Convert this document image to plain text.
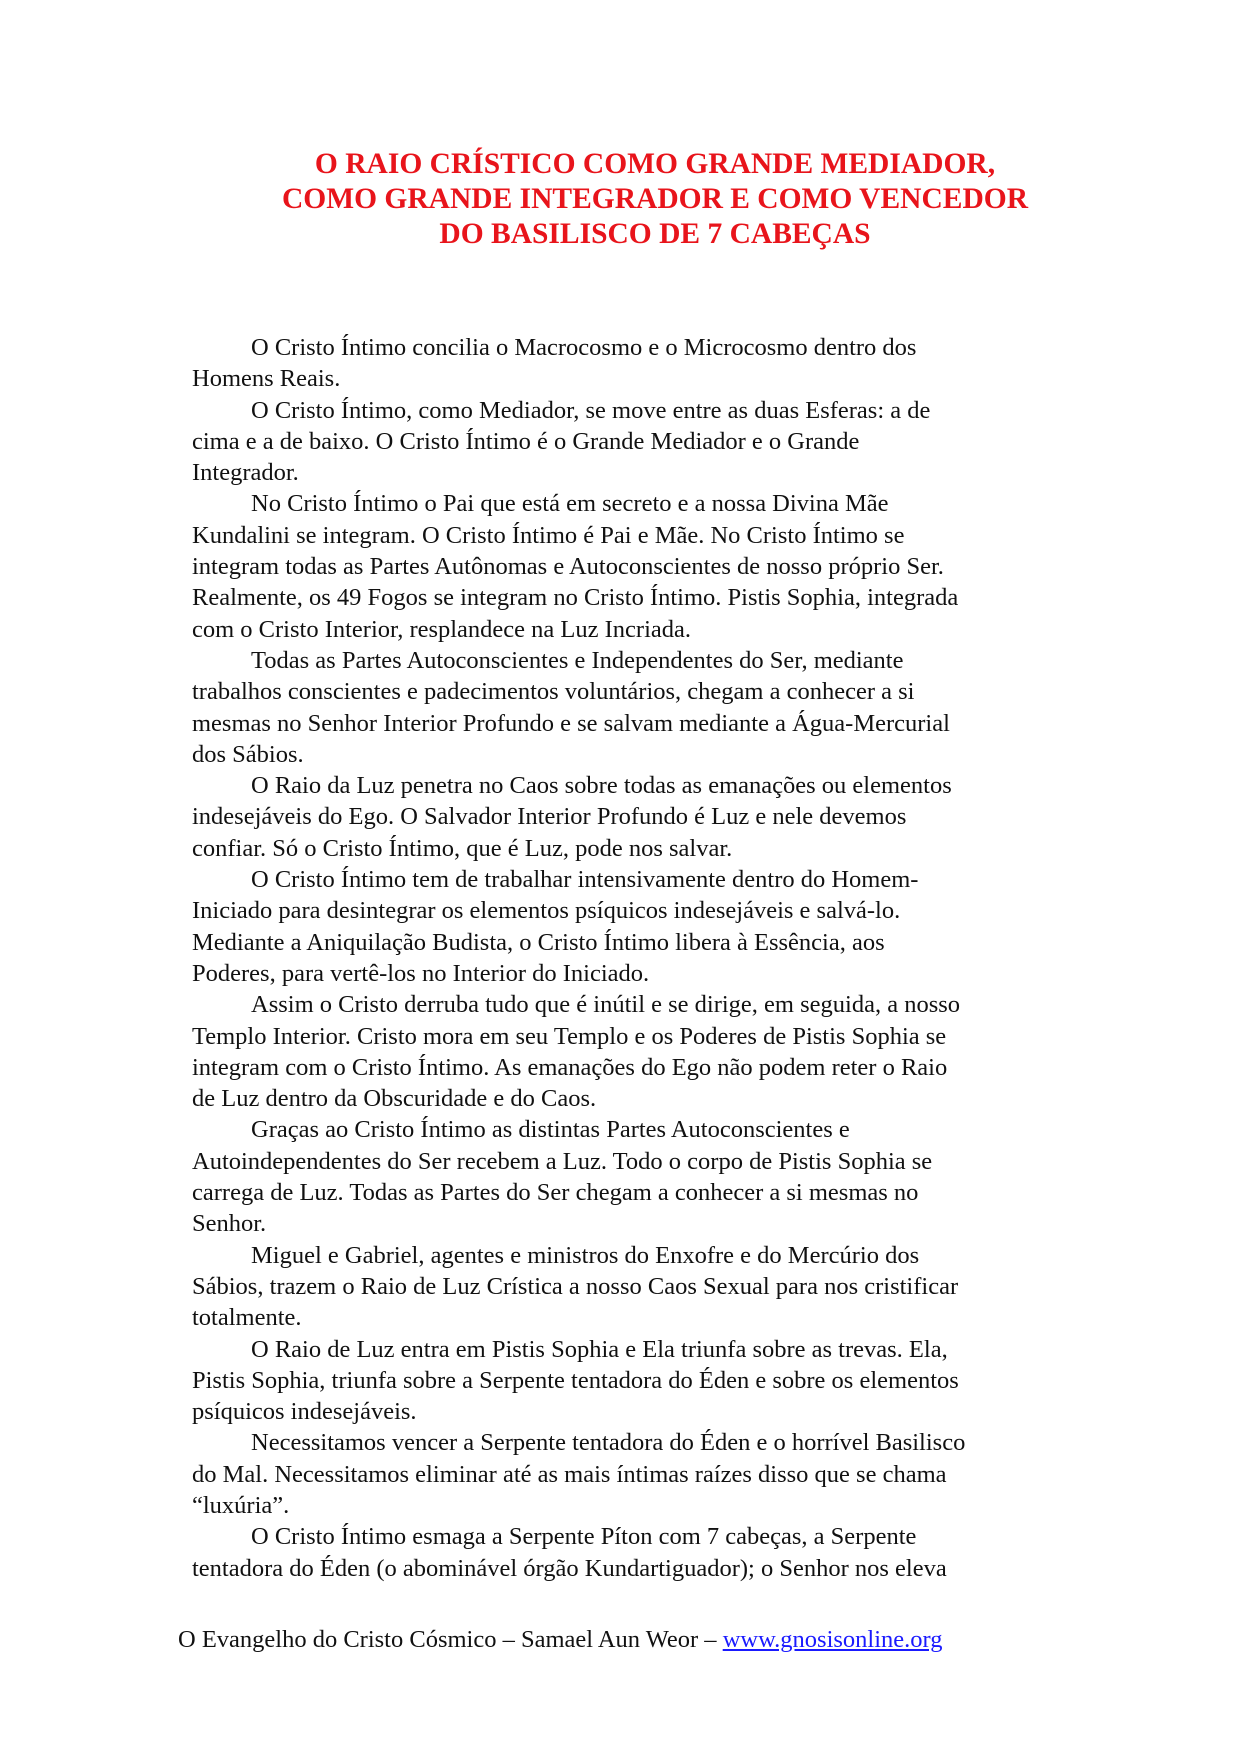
O RAIO CRÍSTICO COMO GRANDE MEDIADOR,
COMO GRANDE INTEGRADOR E COMO VENCEDOR
DO BASILISCO DE 7 CABEÇAS

O Cristo Íntimo concilia o Macrocosmo e o Microcosmo dentro dos
Homens Reais.

O Cristo Íntimo, como Mediador, se move entre as duas Esferas: a de
cima e a de baixo. O Cristo Íntimo é o Grande Mediador e o Grande
Integrador.

No Cristo Íntimo o Pai que está em secreto e a nossa Divina Mãe
Kundalini se integram. O Cristo Íntimo é Pai e Mãe. No Cristo Íntimo se
integram todas as Partes Autônomas e Autoconscientes de nosso próprio Ser.
Realmente, os 49 Fogos se integram no Cristo Íntimo. Pistis Sophia, integrada
com o Cristo Interior, resplandece na Luz Incriada.

Todas as Partes Autoconscientes e Independentes do Ser, mediante
trabalhos conscientes e padecimentos voluntários, chegam a conhecer a si
mesmas no Senhor Interior Profundo e se salvam mediante a Água-Mercurial
dos Sábios.

O Raio da Luz penetra no Caos sobre todas as emanações ou elementos
indesejáveis do Ego. O Salvador Interior Profundo é Luz e nele devemos
confiar. Só o Cristo Íntimo, que é Luz, pode nos salvar.

O Cristo Íntimo tem de trabalhar intensivamente dentro do Homem-
Iniciado para desintegrar os elementos psíquicos indesejáveis e salvá-lo.
Mediante a Aniquilação Budista, o Cristo Íntimo libera à Essência, aos
Poderes, para vertê-los no Interior do Iniciado.

Assim o Cristo derruba tudo que é inútil e se dirige, em seguida, a nosso
Templo Interior. Cristo mora em seu Templo e os Poderes de Pistis Sophia se
integram com o Cristo Íntimo. As emanações do Ego não podem reter o Raio
de Luz dentro da Obscuridade e do Caos.

Graças ao Cristo Íntimo as distintas Partes Autoconscientes e
Autoindependentes do Ser recebem a Luz. Todo o corpo de Pistis Sophia se
carrega de Luz. Todas as Partes do Ser chegam a conhecer a si mesmas no
Senhor.

Miguel e Gabriel, agentes e ministros do Enxofre e do Mercúrio dos
Sábios, trazem o Raio de Luz Crística a nosso Caos Sexual para nos cristificar
totalmente.

O Raio de Luz entra em Pistis Sophia e Ela triunfa sobre as trevas. Ela,
Pistis Sophia, triunfa sobre a Serpente tentadora do Éden e sobre os elementos
psíquicos indesejáveis.

Necessitamos vencer a Serpente tentadora do Éden e o horrível Basilisco
do Mal. Necessitamos eliminar até as mais íntimas raízes disso que se chama
“luxúria”.

O Cristo Íntimo esmaga a Serpente Píton com 7 cabeças, a Serpente
tentadora do Éden (o abominável órgão Kundartiguador); o Senhor nos eleva

O Evangelho do Cristo Cósmico – Samael Aun Weor – www.gnosisonline.org
